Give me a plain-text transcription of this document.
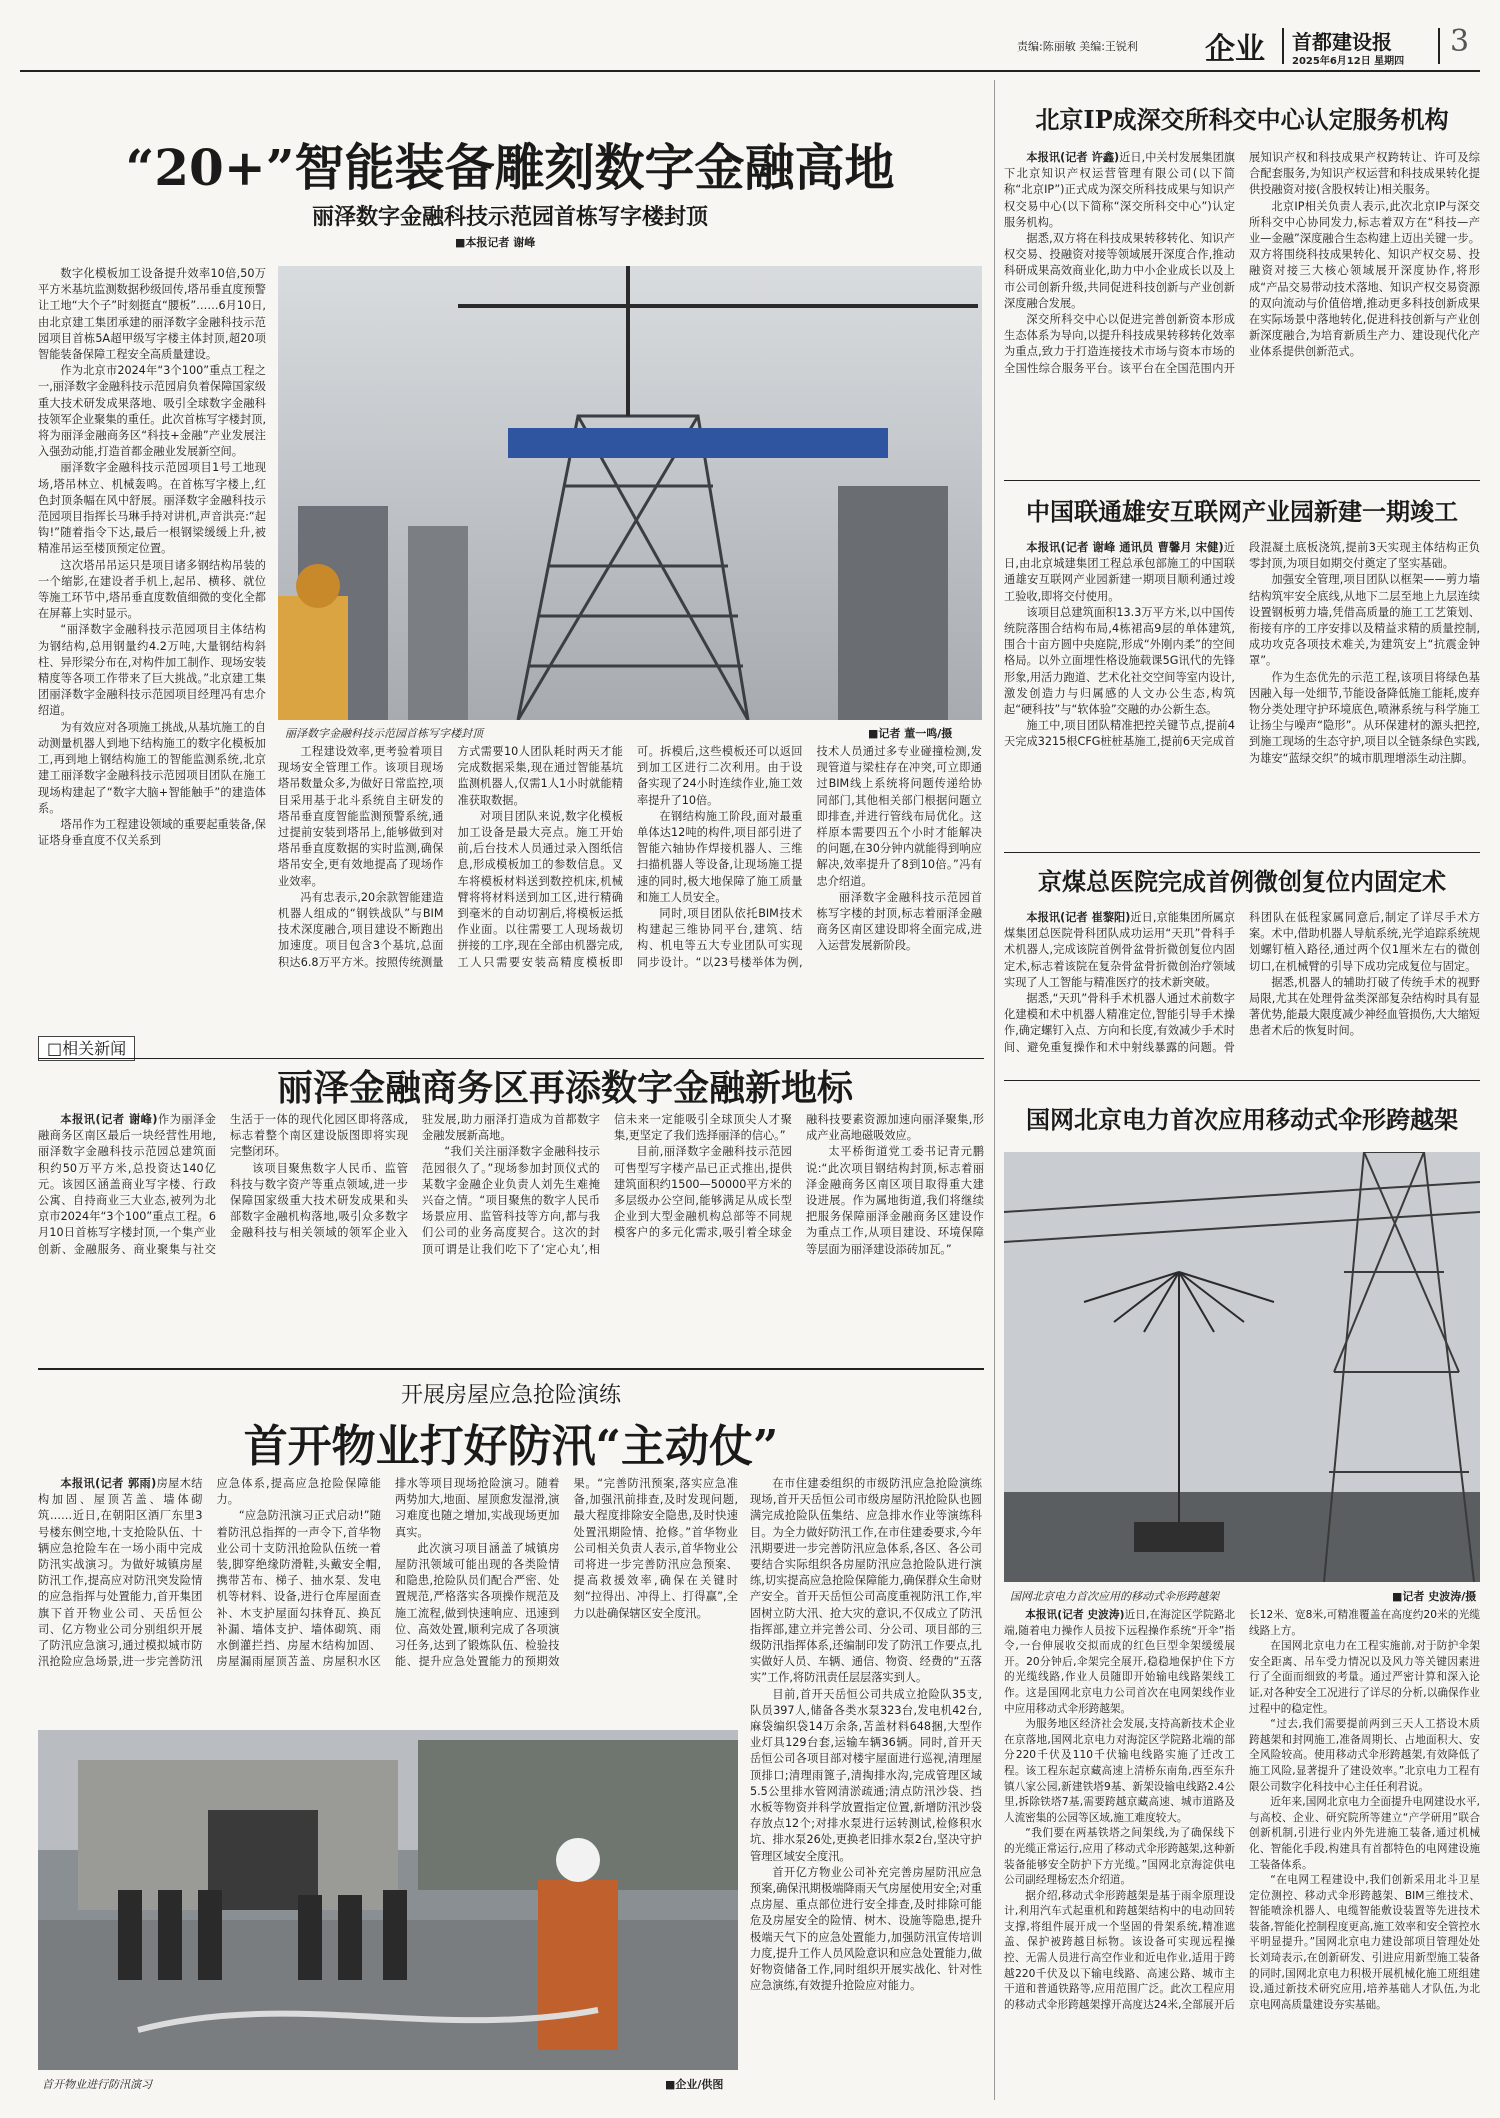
责编:陈丽敏 美编:王锐利 企业 首都建设报
2025年6月12日 星期四
3
“20+”智能装备雕刻数字金融高地
丽泽数字金融科技示范园首栋写字楼封顶
■本报记者 谢峰

数字化模板加工设备提升效率10倍,50万平方米基坑监测数据秒级回传,塔吊垂直度预警让工地“大个子”时刻挺直“腰板”……6月10日,由北京建工集团承建的丽泽数字金融科技示范园项目首栋5A超甲级写字楼主体封顶,超20项智能装备保障工程安全高质量建设。

作为北京市2024年“3个100”重点工程之一,丽泽数字金融科技示范园肩负着保障国家级重大技术研发成果落地、吸引全球数字金融科技领军企业聚集的重任。此次首栋写字楼封顶,将为丽泽金融商务区“科技+金融”产业发展注入强劲动能,打造首都金融业发展新空间。

丽泽数字金融科技示范园项目1号工地现场,塔吊林立、机械轰鸣。在首栋写字楼上,红色封顶条幅在风中舒展。丽泽数字金融科技示范园项目指挥长马琳手持对讲机,声音洪亮:“起钩!”随着指令下达,最后一根钢梁缓缓上升,被精准吊运至楼顶预定位置。

这次塔吊吊运只是项目诸多钢结构吊装的一个缩影,在建设者手机上,起吊、横移、就位等施工环节中,塔吊垂直度数值细微的变化全都在屏幕上实时显示。

“丽泽数字金融科技示范园项目主体结构为钢结构,总用钢量约4.2万吨,大量钢结构斜柱、异形梁分布在,对构件加工制作、现场安装精度等各项工作带来了巨大挑战。”北京建工集团丽泽数字金融科技示范园项目经理冯有忠介绍道。

为有效应对各项施工挑战,从基坑施工的自动测量机器人到地下结构施工的数字化模板加工,再到地上钢结构施工的智能监测系统,北京建工丽泽数字金融科技示范园项目团队在施工现场构建起了“数字大脑+智能触手”的建造体系。

塔吊作为工程建设领域的重要起重装备,保证塔身垂直度不仅关系到

丽泽数字金融科技示范园首栋写字楼封顶	■记者 董一鸣/摄

工程建设效率,更考验着项目现场安全管理工作。该项目现场塔吊数量众多,为做好日常监控,项目采用基于北斗系统自主研发的塔吊垂直度智能监测预警系统,通过提前安装到塔吊上,能够做到对塔吊垂直度数据的实时监测,确保塔吊安全,更有效地提高了现场作业效率。

冯有忠表示,20余款智能建造机器人组成的“钢铁战队”与BIM技术深度融合,项目建设不断跑出加速度。项目包含3个基坑,总面积达6.8万平方米。按照传统测量方式需要10人团队耗时两天才能完成数据采集,现在通过智能基坑监测机器人,仅需1人1小时就能精准获取数据。

对项目团队来说,数字化模板加工设备是最大亮点。施工开始前,后台技术人员通过录入图纸信息,形成模板加工的参数信息。叉车将模板材料送到数控机床,机械臂将将材料送到加工区,进行精确到毫米的自动切割后,将模板运抵作业面。以往需要工人现场裁切拼接的工序,现在全部由机器完成,工人只需要安装高精度模板即可。拆模后,这些模板还可以返回到加工区进行二次利用。由于设备实现了24小时连续作业,施工效率提升了10倍。

在钢结构施工阶段,面对最重单体达12吨的构件,项目部引进了智能六轴协作焊接机器人、三维扫描机器人等设备,让现场施工提速的同时,极大地保障了施工质量和施工人员安全。

同时,项目团队依托BIM技术构建起三维协同平台,建筑、结构、机电等五大专业团队可实现同步设计。“以23号楼举体为例,技术人员通过多专业碰撞检测,发现管道与梁柱存在冲突,可立即通过BIM线上系统将问题传递给协同部门,其他相关部门根据问题立即排查,并进行管线布局优化。这样原本需要四五个小时才能解决的问题,在30分钟内就能得到响应解决,效率提升了8到10倍。”冯有忠介绍道。

丽泽数字金融科技示范园首栋写字楼的封顶,标志着丽泽金融商务区南区建设即将全面完成,进入运营发展新阶段。

□相关新闻
丽泽金融商务区再添数字金融新地标

本报讯(记者 谢峰)作为丽泽金融商务区南区最后一块经营性用地,丽泽数字金融科技示范园总建筑面积约50万平方米,总投资达140亿元。该园区涵盖商业写字楼、行政公寓、自持商业三大业态,被列为北京市2024年“3个100”重点工程。6月10日首栋写字楼封顶,一个集产业创新、金融服务、商业聚集与社交生活于一体的现代化园区即将落成,标志着整个南区建设版图即将实现完整闭环。

该项目聚焦数字人民币、监管科技与数字资产等重点领域,进一步保障国家级重大技术研发成果和头部数字金融机构落地,吸引众多数字金融科技与相关领域的领军企业入驻发展,助力丽泽打造成为首都数字金融发展新高地。

“我们关注丽泽数字金融科技示范园很久了。”现场参加封顶仪式的某数字金融企业负责人刘先生难掩兴奋之情。“项目聚焦的数字人民币场景应用、监管科技等方向,都与我们公司的业务高度契合。这次的封顶可谓是让我们吃下了‘定心丸’,相信未来一定能吸引全球顶尖人才聚集,更坚定了我们选择丽泽的信心。”

目前,丽泽数字金融科技示范园可售型写字楼产品已正式推出,提供建筑面积约1500—50000平方米的多层级办公空间,能够满足从成长型企业到大型金融机构总部等不同规模客户的多元化需求,吸引着全球金融科技要素资源加速向丽泽聚集,形成产业高地磁吸效应。

太平桥街道党工委书记青元鹏说:“此次项目钢结构封顶,标志着丽泽金融商务区南区项目取得重大建设进展。作为属地街道,我们将继续把服务保障丽泽金融商务区建设作为重点工作,从项目建设、环境保障等层面为丽泽建设添砖加瓦。”

开展房屋应急抢险演练
首开物业打好防汛“主动仗”

本报讯(记者 郭雨)房屋木结构加固、屋顶苫盖、墙体砌筑……近日,在朝阳区酒厂东里3号楼东侧空地,十支抢险队伍、十辆应急抢险车在一场小雨中完成防汛实战演习。为做好城镇房屋防汛工作,提高应对防汛突发险情的应急指挥与处置能力,首开集团旗下首开物业公司、天岳恒公司、亿方物业公司分别组织开展了防汛应急演习,通过模拟城市防汛抢险应急场景,进一步完善防汛应急体系,提高应急抢险保障能力。

“应急防汛演习正式启动!”随着防汛总指挥的一声令下,首华物业公司十支防汛抢险队伍统一着装,脚穿绝缘防滑鞋,头戴安全帽,携带苫布、梯子、抽水泵、发电机等材料、设备,进行仓库屋面查补、木支护屋面勾抹脊瓦、换瓦补漏、墙体支护、墙体砌筑、雨水倒灌拦挡、房屋木结构加固、房屋漏雨屋顶苫盖、房屋积水区排水等项目现场抢险演习。随着两势加大,地面、屋顶愈发湿滑,演习难度也随之增加,实战现场更加真实。

此次演习项目涵盖了城镇房屋防汛领域可能出现的各类险情和隐患,抢险队员们配合严密、处置规范,严格落实各项操作规范及施工流程,做到快速响应、迅速到位、高效处置,顺利完成了各项演习任务,达到了锻炼队伍、检验技能、提升应急处置能力的预期效果。“完善防汛预案,落实应急准备,加强汛前排查,及时发现问题,最大程度排除安全隐患,及时快速处置汛期险情、抢修。”首华物业公司相关负责人表示,首华物业公司将进一步完善防汛应急预案、提高救援效率,确保在关键时刻“拉得出、冲得上、打得赢”,全力以赴确保辖区安全度汛。

首开物业进行防汛演习	■企业/供图

在市住建委组织的市级防汛应急抢险演练现场,首开天岳恒公司市级房屋防汛抢险队也圆满完成抢险队伍集结、应急排水作业等演练科目。为全力做好防汛工作,在市住建委要求,今年汛期要进一步完善防汛应急体系,各区、各公司要结合实际组织各房屋防汛应急抢险队进行演练,切实提高应急抢险保障能力,确保群众生命财产安全。首开天岳恒公司高度重视防汛工作,牢固树立防大汛、抢大灾的意识,不仅成立了防汛指挥部,建立并完善公司、分公司、项目部的三级防汛指挥体系,还编制印发了防汛工作要点,扎实做好人员、车辆、通信、物资、经费的“五落实”工作,将防汛责任层层落实到人。

目前,首开天岳恒公司共成立抢险队35支,队员397人,储备各类水泵323台,发电机42台,麻袋编织袋14万余条,苫盖材料648捆,大型作业灯具129台套,运输车辆36辆。同时,首开天岳恒公司各项目部对楼宇屋面进行巡视,清理屋顶排口;清理雨篦子,清掏排水沟,完成管理区域5.5公里排水管网清淤疏通;清点防汛沙袋、挡水板等物资并科学放置指定位置,新增防汛沙袋存放点12个;对排水泵进行运转测试,检修积水坑、排水泵26处,更换老旧排水泵2台,坚决守护管理区域安全度汛。

首开亿方物业公司补充完善房屋防汛应急预案,确保汛期极端降雨天气房屋使用安全;对重点房屋、重点部位进行安全排查,及时排除可能危及房屋安全的险情、树木、设施等隐患,提升极端天气下的应急处置能力,加强防汛宣传培训力度,提升工作人员风险意识和应急处置能力,做好物资储备工作,同时组织开展实战化、针对性应急演练,有效提升抢险应对能力。

北京IP成深交所科交中心认定服务机构

本报讯(记者 许鑫)近日,中关村发展集团旗下北京知识产权运营管理有限公司(以下简称“北京IP”)正式成为深交所科技成果与知识产权交易中心(以下简称“深交所科交中心”)认定服务机构。

据悉,双方将在科技成果转移转化、知识产权交易、投融资对接等领域展开深度合作,推动科研成果高效商业化,助力中小企业成长以及上市公司创新升级,共同促进科技创新与产业创新深度融合发展。

深交所科交中心以促进完善创新资本形成生态体系为导向,以提升科技成果转移转化效率为重点,致力于打造连接技术市场与资本市场的全国性综合服务平台。该平台在全国范围内开展知识产权和科技成果产权跨转让、许可及综合配套服务,为知识产权运营和科技成果转化提供投融资对接(含股权转让)相关服务。

北京IP相关负责人表示,此次北京IP与深交所科交中心协同发力,标志着双方在“科技—产业—金融”深度融合生态构建上迈出关键一步。双方将围绕科技成果转化、知识产权交易、投融资对接三大核心领域展开深度协作,将形成“产品交易带动技术落地、知识产权交易资源的双向流动与价值倍增,推动更多科技创新成果在实际场景中落地转化,促进科技创新与产业创新深度融合,为培育新质生产力、建设现代化产业体系提供创新范式。

中国联通雄安互联网产业园新建一期竣工

本报讯(记者 谢峰 通讯员 曹馨月 宋健)近日,由北京城建集团工程总承包部施工的中国联通雄安互联网产业园新建一期项目顺利通过竣工验收,即将交付使用。

该项目总建筑面积13.3万平方米,以中国传统院落围合结构布局,4栋裙高9层的单体建筑,围合十亩方圆中央庭院,形成“外刚内柔”的空间格局。以外立面埋性格设施载课5G讯代的先锋形象,用活力跑道、艺术化社交空间等室内设计,激发创造力与归属感的人文办公生态,构筑起“硬科技”与“软体验”交融的办公新生态。

施工中,项目团队精准把控关键节点,提前4天完成3215根CFG桩桩基施工,提前6天完成首段混凝土底板浇筑,提前3天实现主体结构正负零封顶,为项目如期交付奠定了坚实基础。

加强安全管理,项目团队以框架——剪力墙结构筑牢安全底线,从地下二层至地上九层连续设置钢板剪力墙,凭借高质量的施工工艺策划、衔接有序的工序安排以及精益求精的质量控制,成功攻克各项技术难关,为建筑安上“抗震金钟罩”。

作为生态优先的示范工程,该项目将绿色基因融入每一处细节,节能设备降低施工能耗,废弃物分类处理守护环境底色,喷淋系统与科学施工让扬尘与噪声“隐形”。从环保建材的源头把控,到施工现场的生态守护,项目以全链条绿色实践,为雄安“蓝绿交织”的城市肌理增添生动注脚。

京煤总医院完成首例微创复位内固定术

本报讯(记者 崔黎阳)近日,京能集团所属京煤集团总医院骨科团队成功运用“天玑”骨科手术机器人,完成该院首例骨盆骨折微创复位内固定术,标志着该院在复杂骨盆骨折微创治疗领域实现了人工智能与精准医疗的技术新突破。

据悉,“天玑”骨科手术机器人通过术前数字化建模和术中机器人精准定位,智能引导手术操作,确定螺钉入点、方向和长度,有效减少手术时间、避免重复操作和术中射线暴露的问题。骨科团队在低程家属同意后,制定了详尽手术方案。术中,借助机器人导航系统,光学追踪系统规划螺钉植入路径,通过两个仅1厘米左右的微创切口,在机械臂的引导下成功完成复位与固定。

据悉,机器人的辅助打破了传统手术的视野局限,尤其在处理骨盆类深部复杂结构时具有显著优势,能最大限度减少神经血管损伤,大大缩短患者术后的恢复时间。

国网北京电力首次应用移动式伞形跨越架
国网北京电力首次应用的移动式伞形跨越架	■记者 史波涛/摄

本报讯(记者 史波涛)近日,在海淀区学院路北端,随着电力操作人员按下远程操作系统“开伞”指令,一台伸展收交拟而成的红色巨型伞架缓缓展开。20分钟后,伞架完全展开,稳稳地保护住下方的光缆线路,作业人员随即开始输电线路架线工作。这是国网北京电力公司首次在电网架线作业中应用移动式伞形跨越架。

为服务地区经济社会发展,支持高新技术企业在京落地,国网北京电力对海淀区学院路北端的部分220千伏及110千伏输电线路实施了迁改工程。该工程东起京藏高速上清桥东南角,西至东升镇八家公园,新建铁塔9基、新架设输电线路2.4公里,拆除铁塔7基,需要跨越京藏高速、城市道路及人流密集的公园等区域,施工难度较大。

“我们要在两基铁塔之间架线,为了确保线下的光缆正常运行,应用了移动式伞形跨越架,这种新装备能够安全防护下方光缆。”国网北京海淀供电公司副经理杨宏杰介绍道。

据介绍,移动式伞形跨越架是基于雨伞原理设计,利用汽车式起重机和跨越架结构中的电动回转支撑,将组件展开成一个坚固的骨架系统,精准遮盖、保护被跨越目标物。该设备可实现远程操控、无需人员进行高空作业和近电作业,适用于跨越220千伏及以下输电线路、高速公路、城市主干道和普通铁路等,应用范围广泛。此次工程应用的移动式伞形跨越架撑开高度达24米,全部展开后长12米、宽8米,可精准覆盖在高度约20米的光缆线路上方。

在国网北京电力在工程实施前,对于防护伞架安全距离、吊车受力情况以及风力等关键因素进行了全面而细致的考量。通过严密计算和深入论证,对各种安全工况进行了详尽的分析,以确保作业过程中的稳定性。

“过去,我们需要提前两到三天人工搭设木质跨越架和封网施工,准备周期长、占地面积大、安全风险较高。使用移动式伞形跨越架,有效降低了施工风险,显著提升了建设效率。”北京电力工程有限公司数字化科技中心主任任利君说。

近年来,国网北京电力全面提升电网建设水平,与高校、企业、研究院所等建立“产学研用”联合创新机制,引进行业内外先进施工装备,通过机械化、智能化手段,构建具有首都特色的电网建设施工装备体系。

“在电网工程建设中,我们创新采用北斗卫星定位测控、移动式伞形跨越架、BIM三维技术、智能喷涂机器人、电缆智能敷设装置等先进技术装备,智能化控制程度更高,施工效率和安全管控水平明显提升。”国网北京电力建设部项目管理处处长刘琦表示,在创新研发、引进应用新型施工装备的同时,国网北京电力积极开展机械化施工班组建设,通过新技术研究应用,培养基础人才队伍,为北京电网高质量建设夯实基础。
